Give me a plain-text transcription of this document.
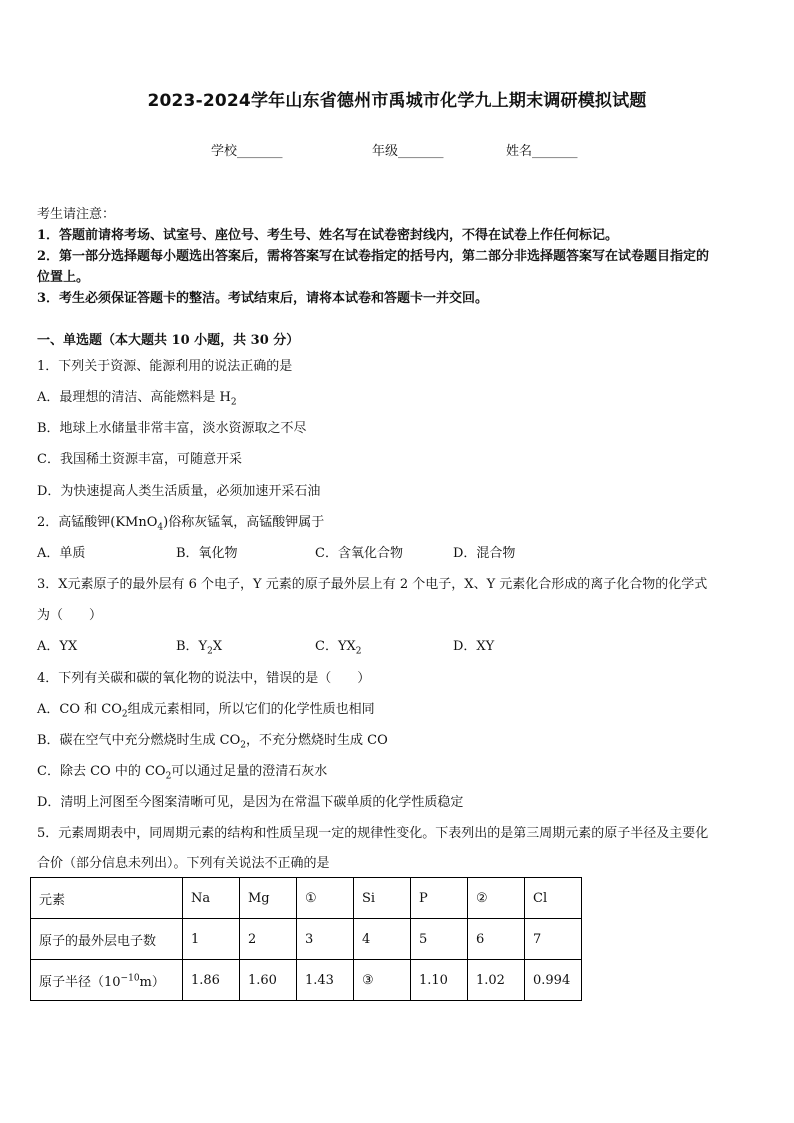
2023-2024学年山东省德州市禹城市化学九上期末调研模拟试题
学校_______	年级_______	姓名_______
考生请注意：
1．答题前请将考场、试室号、座位号、考生号、姓名写在试卷密封线内，不得在试卷上作任何标记。
2．第一部分选择题每小题选出答案后，需将答案写在试卷指定的括号内，第二部分非选择题答案写在试卷题目指定的
位置上。
3．考生必须保证答题卡的整洁。考试结束后，请将本试卷和答题卡一并交回。
一、单选题（本大题共 10 小题，共 30 分）
1．下列关于资源、能源利用的说法正确的是
A．最理想的清洁、高能燃料是 $H_2$
B．地球上水储量非常丰富，淡水资源取之不尽
C．我国稀土资源丰富，可随意开采
D．为快速提高人类生活质量，必须加速开采石油
2．高锰酸钾(KMnO$_4$)俗称灰锰氧，高锰酸钾属于
A．单质	B．氧化物	C．含氧化合物	D．混合物
3．X元素原子的最外层有 6 个电子，Y 元素的原子最外层上有 2 个电子，X、Y 元素化合形成的离子化合物的化学式
为（　　）
A．YX	B．$Y_2X$	C．$YX_2$	D．XY
4．下列有关碳和碳的氧化物的说法中，错误的是（　　）
A．CO 和 $CO_2$组成元素相同，所以它们的化学性质也相同
B．碳在空气中充分燃烧时生成 $CO_2$，不充分燃烧时生成 CO
C．除去 CO 中的 $CO_2$可以通过足量的澄清石灰水
D．清明上河图至今图案清晰可见，是因为在常温下碳单质的化学性质稳定
5．元素周期表中，同周期元素的结构和性质呈现一定的规律性变化。下表列出的是第三周期元素的原子半径及主要化
合价（部分信息未列出）。下列有关说法不正确的是
元素	Na	Mg	①	Si	P	②	Cl
原子的最外层电子数	1	2	3	4	5	6	7
原子半径$(10^{-10}m)$	1.86	1.60	1.43	③	1.10	1.02	0.994
